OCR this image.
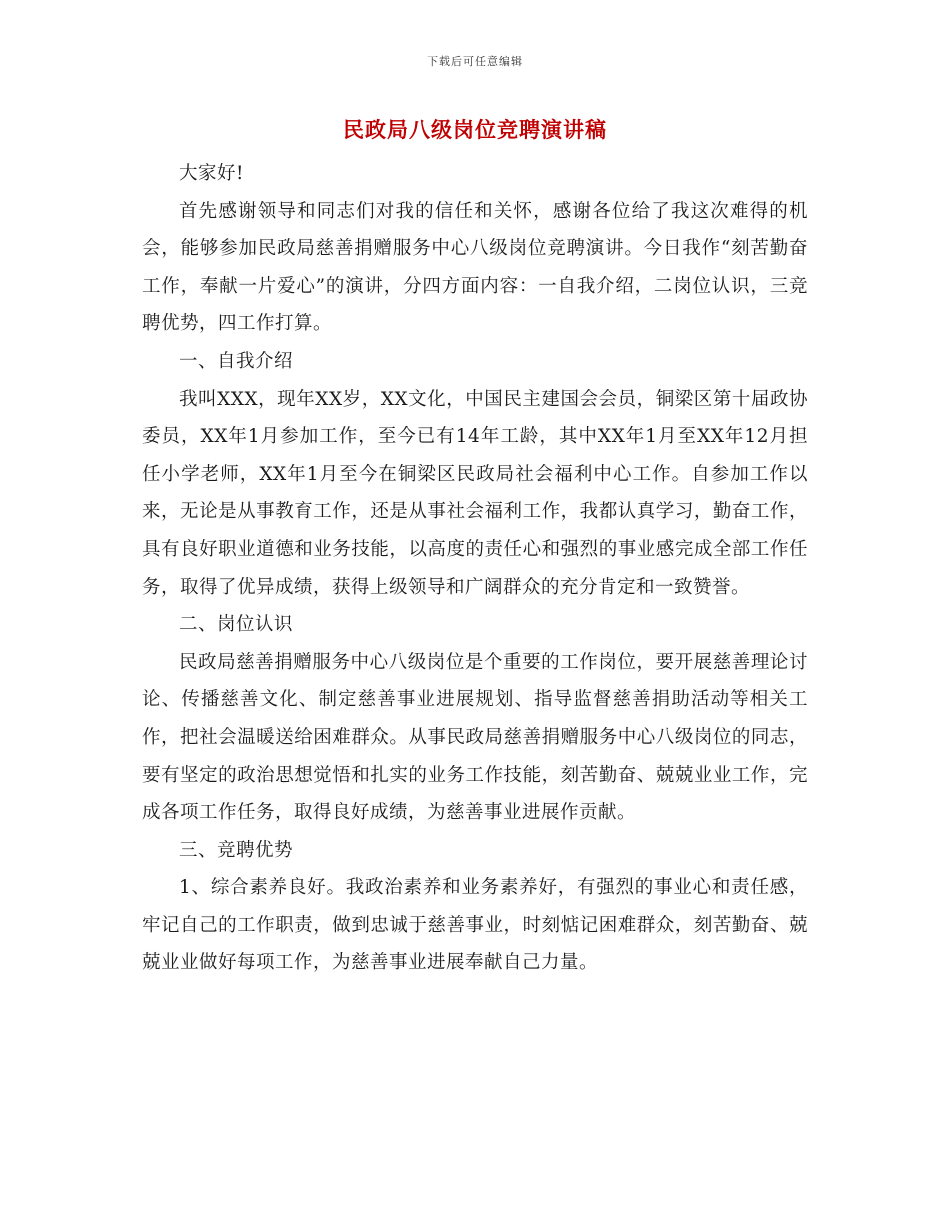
下载后可任意编辑
民政局八级岗位竞聘演讲稿

大家好!

首先感谢领导和同志们对我的信任和关怀，感谢各位给了我这次难得的机会，能够参加民政局慈善捐赠服务中心八级岗位竞聘演讲。今日我作“刻苦勤奋工作，奉献一片爱心”的演讲，分四方面内容：一自我介绍，二岗位认识，三竞聘优势，四工作打算。

一、自我介绍

我叫XXX，现年XX岁，XX文化，中国民主建国会会员，铜梁区第十届政协委员，XX年1月参加工作，至今已有14年工龄，其中XX年1月至XX年12月担任小学老师，XX年1月至今在铜梁区民政局社会福利中心工作。自参加工作以来，无论是从事教育工作，还是从事社会福利工作，我都认真学习，勤奋工作，具有良好职业道德和业务技能，以高度的责任心和强烈的事业感完成全部工作任务，取得了优异成绩，获得上级领导和广阔群众的充分肯定和一致赞誉。

二、岗位认识

民政局慈善捐赠服务中心八级岗位是个重要的工作岗位，要开展慈善理论讨论、传播慈善文化、制定慈善事业进展规划、指导监督慈善捐助活动等相关工作，把社会温暖送给困难群众。从事民政局慈善捐赠服务中心八级岗位的同志，要有坚定的政治思想觉悟和扎实的业务工作技能，刻苦勤奋、兢兢业业工作，完成各项工作任务，取得良好成绩，为慈善事业进展作贡献。

三、竞聘优势

1、综合素养良好。我政治素养和业务素养好，有强烈的事业心和责任感，牢记自己的工作职责，做到忠诚于慈善事业，时刻惦记困难群众，刻苦勤奋、兢兢业业做好每项工作，为慈善事业进展奉献自己力量。
